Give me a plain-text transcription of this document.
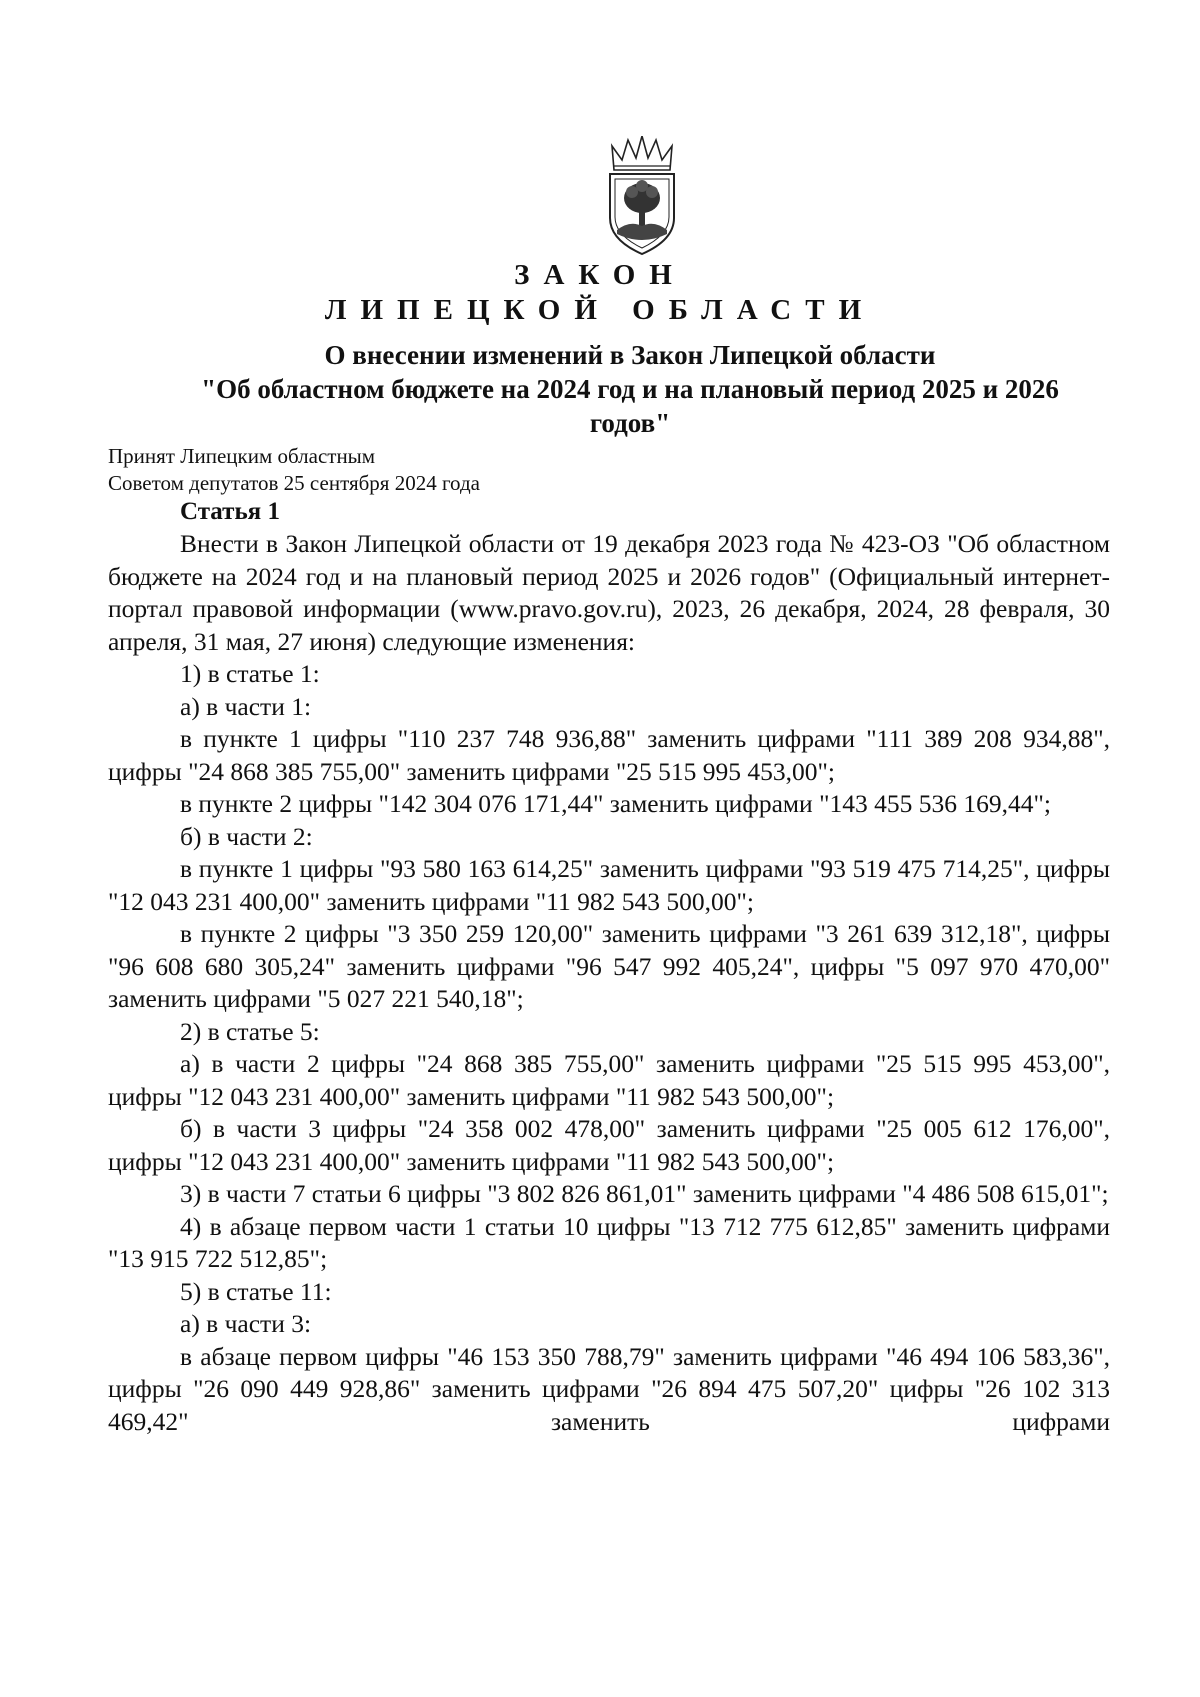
ЗАКОН
ЛИПЕЦКОЙ ОБЛАСТИ
О внесении изменений в Закон Липецкой области
"Об областном бюджете на 2024 год и на плановый период 2025 и 2026 годов"
Принят Липецким областным
Советом депутатов 25 сентября 2024 года
Статья 1

Внести в Закон Липецкой области от 19 декабря 2023 года № 423-ОЗ "Об областном бюджете на 2024 год и на плановый период 2025 и 2026 годов" (Официальный интернет-портал правовой информации (www.pravo.gov.ru), 2023, 26 декабря, 2024, 28 февраля, 30 апреля, 31 мая, 27 июня) следующие изменения:

1) в статье 1:

а) в части 1:

в пункте 1 цифры "110 237 748 936,88" заменить цифрами "111 389 208 934,88", цифры "24 868 385 755,00" заменить цифрами "25 515 995 453,00";

в пункте 2 цифры "142 304 076 171,44" заменить цифрами "143 455 536 169,44";

б) в части 2:

в пункте 1 цифры "93 580 163 614,25" заменить цифрами "93 519 475 714,25", цифры "12 043 231 400,00" заменить цифрами "11 982 543 500,00";

в пункте 2 цифры "3 350 259 120,00" заменить цифрами "3 261 639 312,18", цифры "96 608 680 305,24" заменить цифрами "96 547 992 405,24", цифры "5 097 970 470,00" заменить цифрами "5 027 221 540,18";

2) в статье 5:

а) в части 2 цифры "24 868 385 755,00" заменить цифрами "25 515 995 453,00", цифры "12 043 231 400,00" заменить цифрами "11 982 543 500,00";

б) в части 3 цифры "24 358 002 478,00" заменить цифрами "25 005 612 176,00", цифры "12 043 231 400,00" заменить цифрами "11 982 543 500,00";

3) в части 7 статьи 6 цифры "3 802 826 861,01" заменить цифрами "4 486 508 615,01";

4) в абзаце первом части 1 статьи 10 цифры "13 712 775 612,85" заменить цифрами "13 915 722 512,85";

5) в статье 11:

а) в части 3:

в абзаце первом цифры "46 153 350 788,79" заменить цифрами "46 494 106 583,36", цифры "26 090 449 928,86" заменить цифрами "26 894 475 507,20" цифры "26 102 313 469,42" заменить цифрами
